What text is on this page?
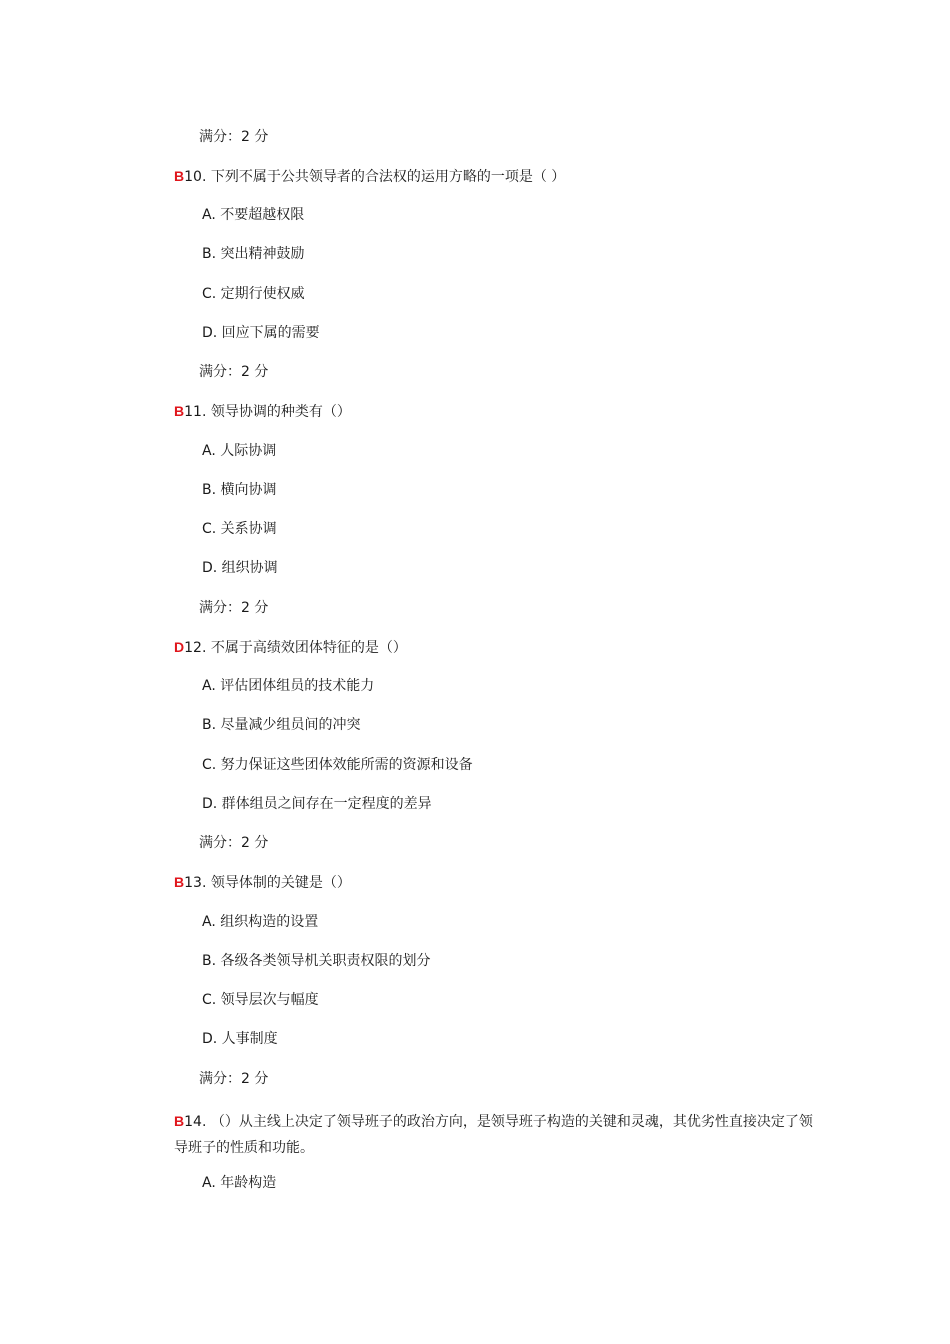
满分：2 分
B10. 下列不属于公共领导者的合法权的运用方略的一项是（ ）
A. 不要超越权限
B. 突出精神鼓励
C. 定期行使权威
D. 回应下属的需要
满分：2 分
B11. 领导协调的种类有（）
A. 人际协调
B. 横向协调
C. 关系协调
D. 组织协调
满分：2 分
D12. 不属于高绩效团体特征的是（）
A. 评估团体组员的技术能力
B. 尽量减少组员间的冲突
C. 努力保证这些团体效能所需的资源和设备
D. 群体组员之间存在一定程度的差异
满分：2 分
B13. 领导体制的关键是（）
A. 组织构造的设置
B. 各级各类领导机关职责权限的划分
C. 领导层次与幅度
D. 人事制度
满分：2 分
B14. （）从主线上决定了领导班子的政治方向，是领导班子构造的关键和灵魂，其优劣性直接决定了领导班子的性质和功能。
A. 年龄构造
